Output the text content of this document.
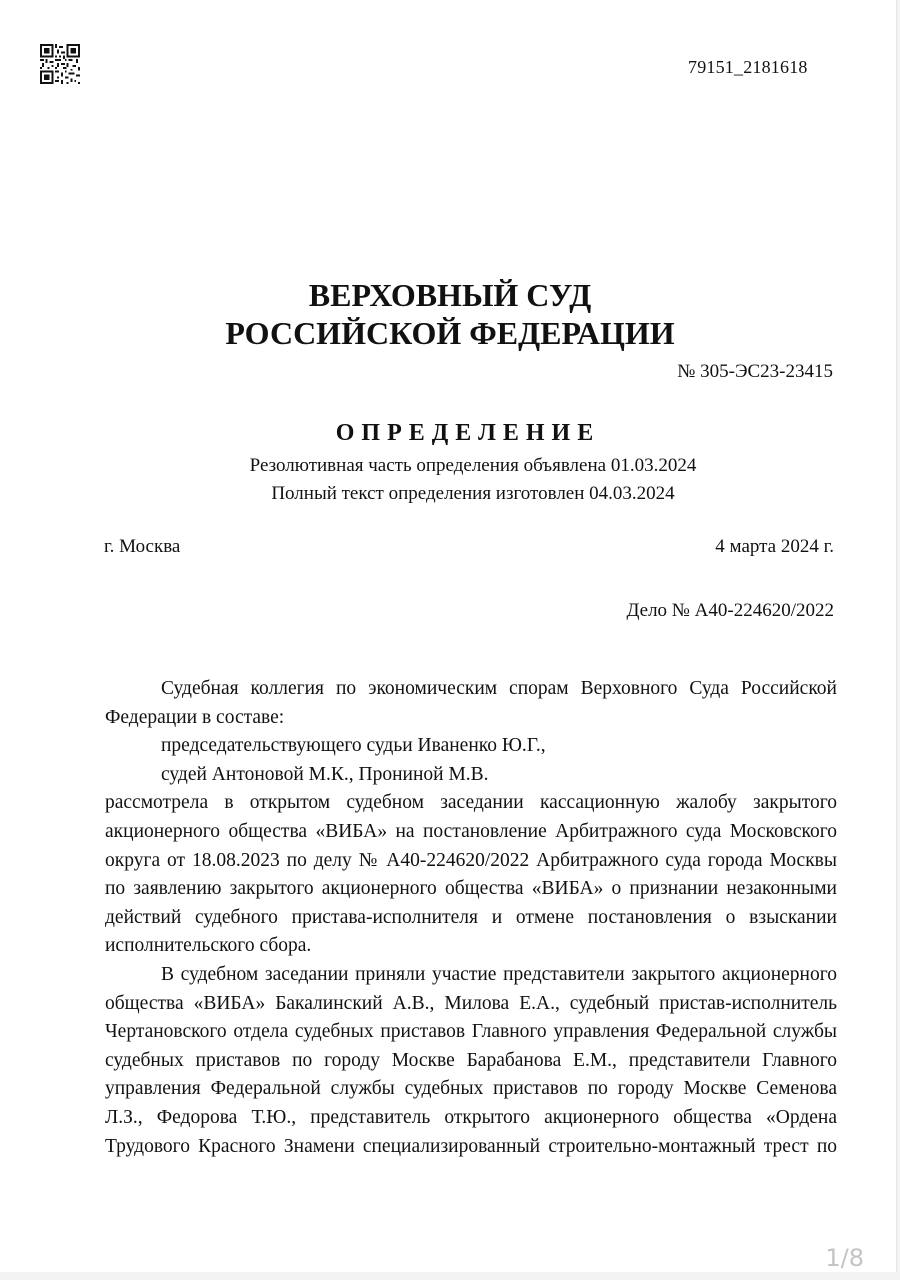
79151_2181618
ВЕРХОВНЫЙ СУД
РОССИЙСКОЙ ФЕДЕРАЦИИ
№ 305-ЭС23-23415
ОПРЕДЕЛЕНИЕ
Резолютивная часть определения объявлена 01.03.2024
Полный текст определения изготовлен 04.03.2024
г. Москва	4 марта 2024 г.
Дело № А40-224620/2022

Судебная коллегия по экономическим спорам Верховного Суда Российской Федерации в составе:

председательствующего судьи Иваненко Ю.Г.,

судей Антоновой М.К., Прониной М.В.

рассмотрела в открытом судебном заседании кассационную жалобу закрытого акционерного общества «ВИБА» на постановление Арбитражного суда Московского округа от 18.08.2023 по делу № А40-224620/2022 Арбитражного суда города Москвы по заявлению закрытого акционерного общества «ВИБА» о признании незаконными действий судебного пристава-исполнителя и отмене постановления о взыскании исполнительского сбора.

В судебном заседании приняли участие представители закрытого акционерного общества «ВИБА» Бакалинский А.В., Милова Е.А., судебный пристав-исполнитель Чертановского отдела судебных приставов Главного управления Федеральной службы судебных приставов по городу Москве Барабанова Е.М., представители Главного управления Федеральной службы судебных приставов по городу Москве Семенова Л.З., Федорова Т.Ю., представитель открытого акционерного общества «Ордена Трудового Красного Знамени специализированный строительно-монтажный трест по

1/8
